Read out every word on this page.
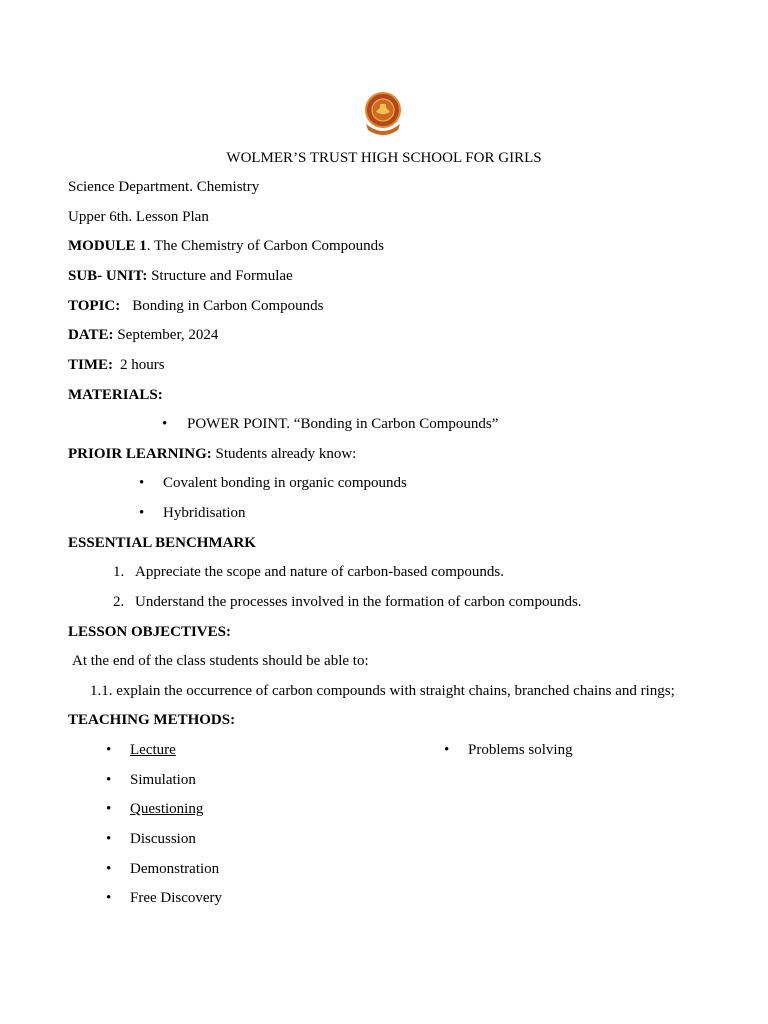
WOLMER’S TRUST HIGH SCHOOL FOR GIRLS
Science Department. Chemistry
Upper 6th. Lesson Plan
MODULE 1. The Chemistry of Carbon Compounds
SUB- UNIT: Structure and Formulae
TOPIC: Bonding in Carbon Compounds
DATE: September, 2024
TIME: 2 hours
MATERIALS:
• POWER POINT. “Bonding in Carbon Compounds”
PRIOIR LEARNING: Students already know:
• Covalent bonding in organic compounds
• Hybridisation
ESSENTIAL BENCHMARK
1. Appreciate the scope and nature of carbon-based compounds.
2. Understand the processes involved in the formation of carbon compounds.
LESSON OBJECTIVES:
At the end of the class students should be able to:
1.1. explain the occurrence of carbon compounds with straight chains, branched chains and rings;
TEACHING METHODS:
• Lecture
• Simulation
• Questioning
• Discussion
• Demonstration
• Free Discovery
• Problems solving
